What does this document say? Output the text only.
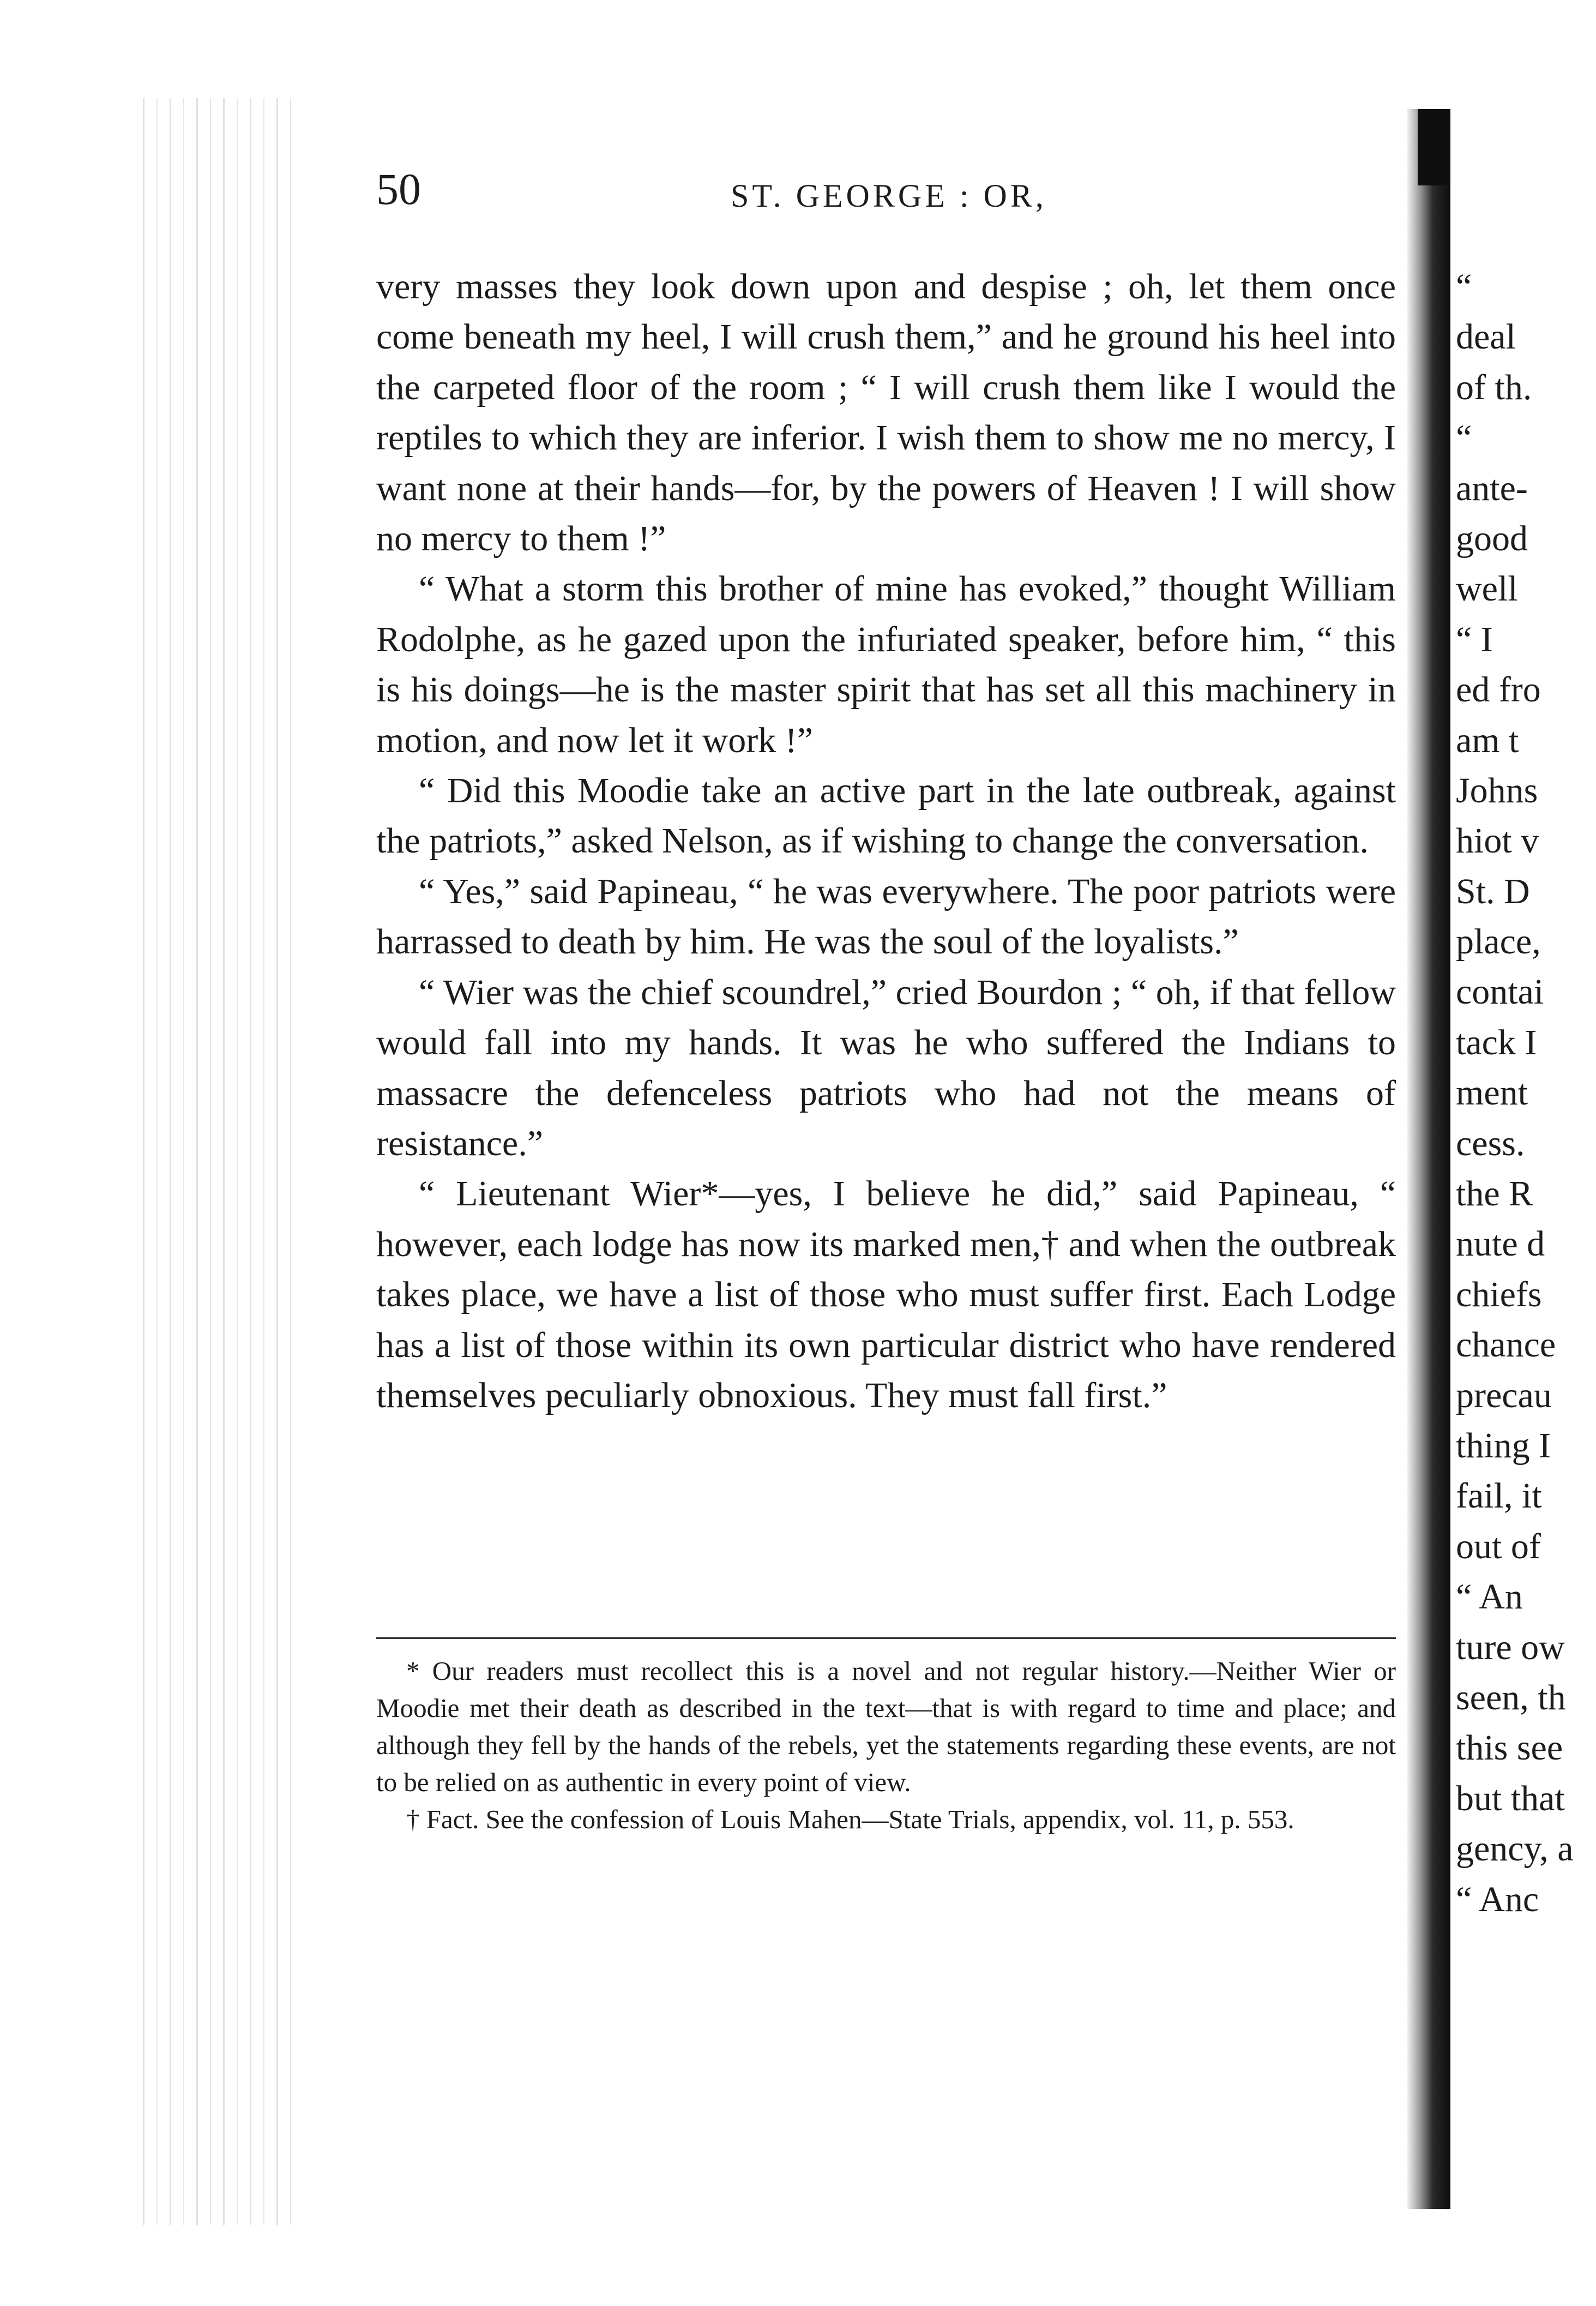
50	ST. GEORGE : OR,

very masses they look down upon and despise ; oh, let them once come beneath my heel, I will crush them,” and he ground his heel into the carpeted floor of the room ; “ I will crush them like I would the reptiles to which they are inferior. I wish them to show me no mercy, I want none at their hands—for, by the powers of Heaven ! I will show no mercy to them !”

“ What a storm this brother of mine has evoked,” thought William Rodolphe, as he gazed upon the infuriated speaker, before him, “ this is his doings—he is the master spirit that has set all this machinery in motion, and now let it work !”

“ Did this Moodie take an active part in the late outbreak, against the patriots,” asked Nelson, as if wishing to change the conversation.

“ Yes,” said Papineau, “ he was everywhere. The poor patriots were harrassed to death by him. He was the soul of the loyalists.”

“ Wier was the chief scoundrel,” cried Bourdon ; “ oh, if that fellow would fall into my hands. It was he who suffered the Indians to massacre the defenceless patriots who had not the means of resistance.”

“ Lieutenant Wier*—yes, I believe he did,” said Papineau, “ however, each lodge has now its marked men,† and when the outbreak takes place, we have a list of those who must suffer first. Each Lodge has a list of those within its own particular district who have rendered themselves peculiarly obnoxious. They must fall first.”

* Our readers must recollect this is a novel and not regular history.—Neither Wier or Moodie met their death as described in the text—that is with regard to time and place; and although they fell by the hands of the rebels, yet the statements regarding these events, are not to be relied on as authentic in every point of view.

† Fact. See the confession of Louis Mahen—State Trials, appendix, vol. 11, p. 553.

“
deal
of th.
“
ante-
good
well
“ I
ed fro
am t
Johns
hiot v
St. D
place,
contai
tack I
ment
cess.
the R
nute d
chiefs
chance
precau
thing I
fail, it
out of
“ An
ture ow
seen, th
this see
but that
gency, a
“ Anc
